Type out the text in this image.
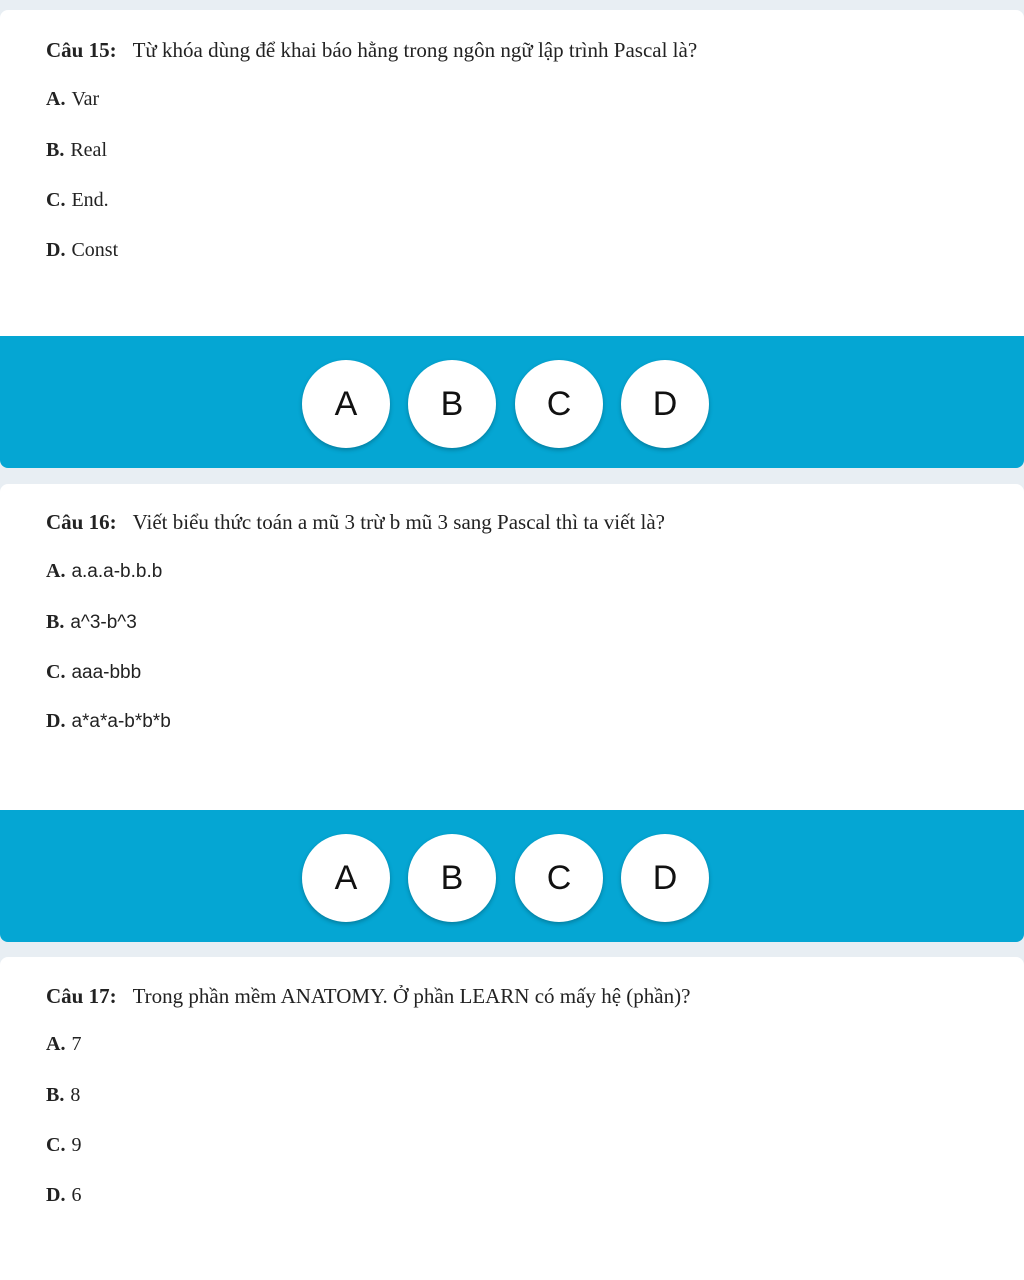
Câu 15: Từ khóa dùng để khai báo hằng trong ngôn ngữ lập trình Pascal là?
A. Var
B. Real
C. End.
D. Const
A	B	C	D
Câu 16: Viết biểu thức toán a mũ 3 trừ b mũ 3 sang Pascal thì ta viết là?
A. a.a.a-b.b.b
B. a^3-b^3
C. aaa-bbb
D. a*a*a-b*b*b
A	B	C	D
Câu 17: Trong phần mềm ANATOMY. Ở phần LEARN có mấy hệ (phần)?
A. 7
B. 8
C. 9
D. 6
